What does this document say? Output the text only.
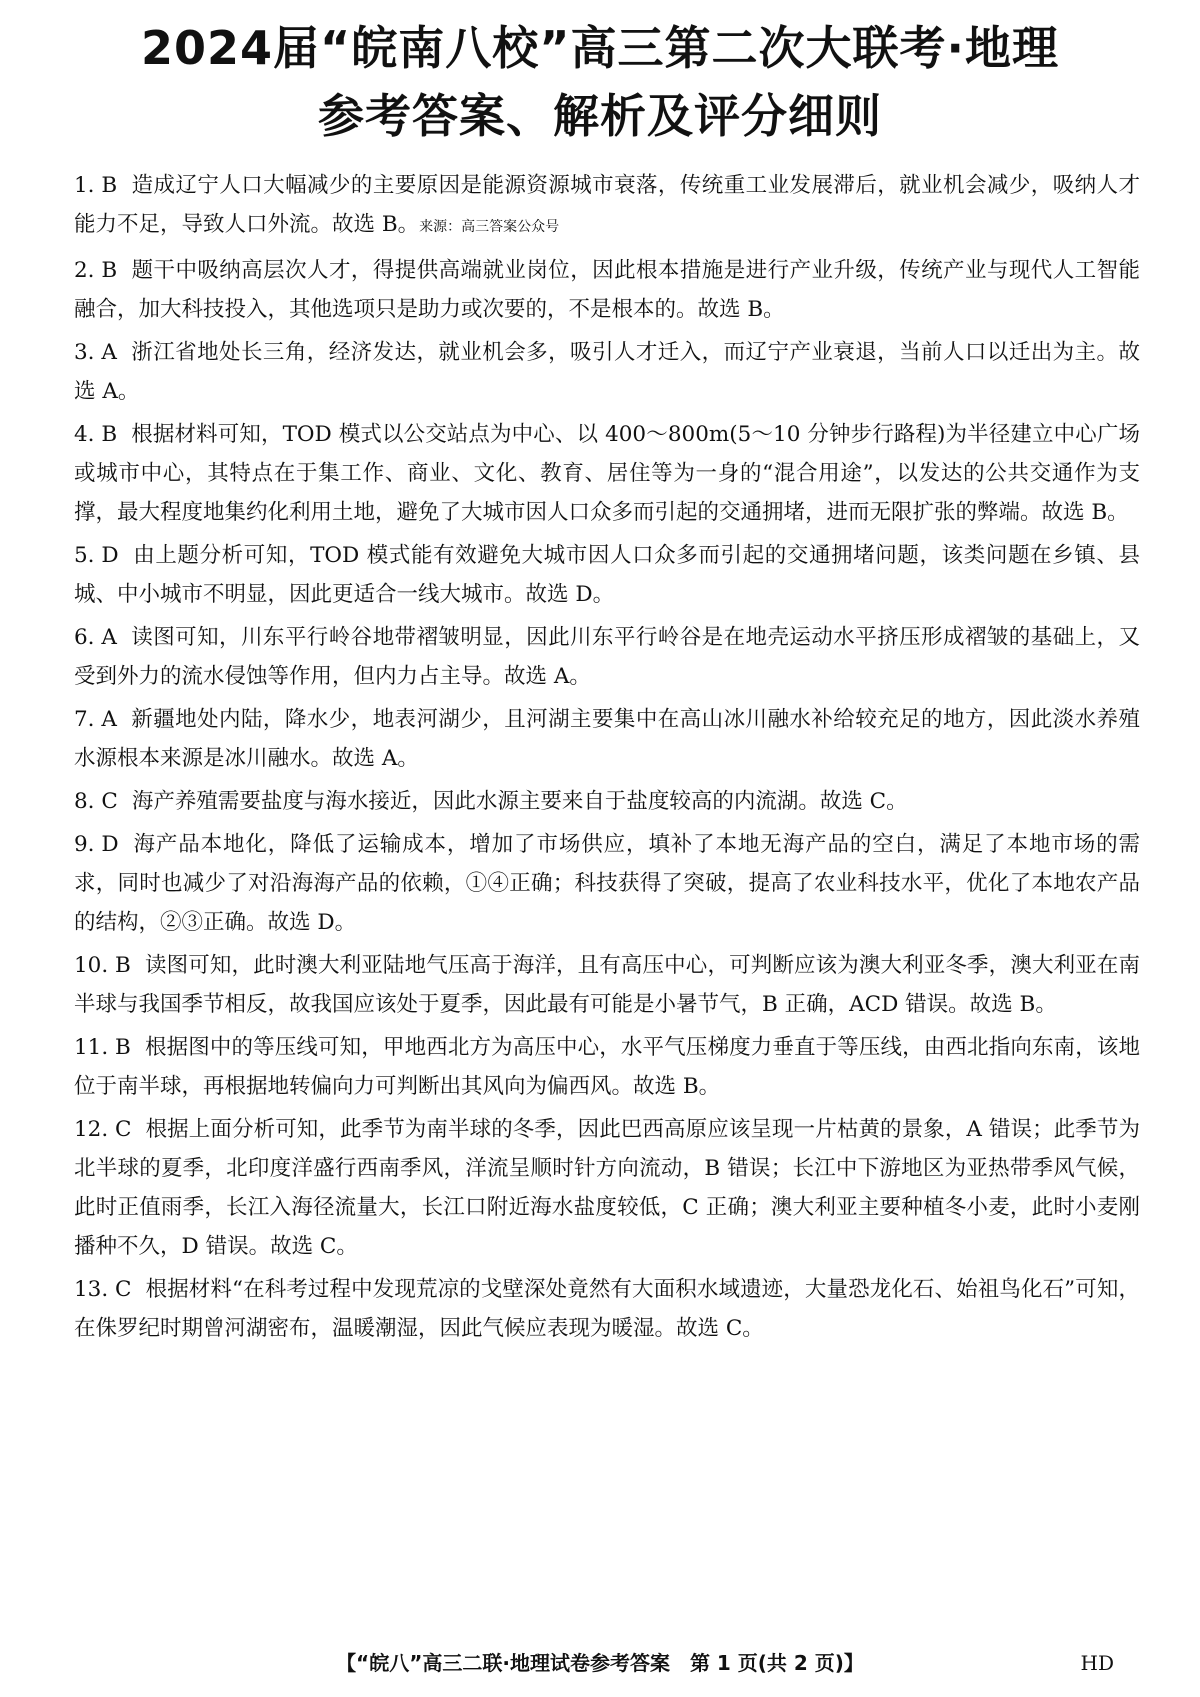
2024届“皖南八校”高三第二次大联考·地理
参考答案、解析及评分细则

1. B 造成辽宁人口大幅减少的主要原因是能源资源城市衰落，传统重工业发展滞后，就业机会减少，吸纳人才能力不足，导致人口外流。故选 B。来源：高三答案公众号

2. B 题干中吸纳高层次人才，得提供高端就业岗位，因此根本措施是进行产业升级，传统产业与现代人工智能融合，加大科技投入，其他选项只是助力或次要的，不是根本的。故选 B。

3. A 浙江省地处长三角，经济发达，就业机会多，吸引人才迁入，而辽宁产业衰退，当前人口以迁出为主。故选 A。

4. B 根据材料可知，TOD 模式以公交站点为中心、以 400～800m(5～10 分钟步行路程)为半径建立中心广场或城市中心，其特点在于集工作、商业、文化、教育、居住等为一身的“混合用途”，以发达的公共交通作为支撑，最大程度地集约化利用土地，避免了大城市因人口众多而引起的交通拥堵，进而无限扩张的弊端。故选 B。

5. D 由上题分析可知，TOD 模式能有效避免大城市因人口众多而引起的交通拥堵问题，该类问题在乡镇、县城、中小城市不明显，因此更适合一线大城市。故选 D。

6. A 读图可知，川东平行岭谷地带褶皱明显，因此川东平行岭谷是在地壳运动水平挤压形成褶皱的基础上，又受到外力的流水侵蚀等作用，但内力占主导。故选 A。

7. A 新疆地处内陆，降水少，地表河湖少，且河湖主要集中在高山冰川融水补给较充足的地方，因此淡水养殖水源根本来源是冰川融水。故选 A。

8. C 海产养殖需要盐度与海水接近，因此水源主要来自于盐度较高的内流湖。故选 C。

9. D 海产品本地化，降低了运输成本，增加了市场供应，填补了本地无海产品的空白，满足了本地市场的需求，同时也减少了对沿海海产品的依赖，①④正确；科技获得了突破，提高了农业科技水平，优化了本地农产品的结构，②③正确。故选 D。

10. B 读图可知，此时澳大利亚陆地气压高于海洋，且有高压中心，可判断应该为澳大利亚冬季，澳大利亚在南半球与我国季节相反，故我国应该处于夏季，因此最有可能是小暑节气，B 正确，ACD 错误。故选 B。

11. B 根据图中的等压线可知，甲地西北方为高压中心，水平气压梯度力垂直于等压线，由西北指向东南，该地位于南半球，再根据地转偏向力可判断出其风向为偏西风。故选 B。

12. C 根据上面分析可知，此季节为南半球的冬季，因此巴西高原应该呈现一片枯黄的景象，A 错误；此季节为北半球的夏季，北印度洋盛行西南季风，洋流呈顺时针方向流动，B 错误；长江中下游地区为亚热带季风气候，此时正值雨季，长江入海径流量大，长江口附近海水盐度较低，C 正确；澳大利亚主要种植冬小麦，此时小麦刚播种不久，D 错误。故选 C。

13. C 根据材料“在科考过程中发现荒凉的戈壁深处竟然有大面积水域遗迹，大量恐龙化石、始祖鸟化石”可知，在侏罗纪时期曾河湖密布，温暖潮湿，因此气候应表现为暖湿。故选 C。

【“皖八”高三二联·地理试卷参考答案　第 1 页(共 2 页)】	HD
